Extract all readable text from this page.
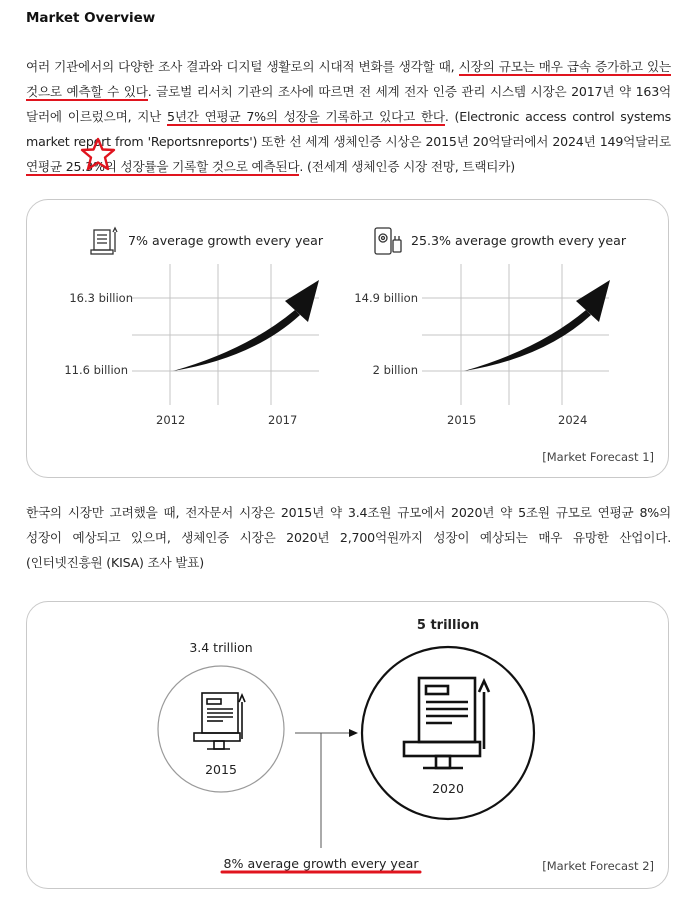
Market Overview
여러 기관에서의 다양한 조사 결과와 디지털 생활로의 시대적 변화를 생각할 때, 시장의 규모는 매우 급속 증가하고 있는 것으로 예측할 수 있다. 글로벌 리서치 기관의 조사에 따르면 전 세계 전자 인증 관리 시스템 시장은 2017년 약 163억 달러에 이르렀으며, 지난 5년간 연평균 7%의 성장을 기록하고 있다고 한다. (Electronic access control systems market report from 'Reportsnreports') 또한 선 세계 생체인증 시상은 2015년 20억달러에서 2024년 149억달러로 연평균 25.3%의 성장률을 기록할 것으로 예측된다. (전세계 생체인증 시장 전망, 트랙티카)
7% average growth every year
16.3 billion
11.6 billion
2012	2017
25.3% average growth every year
14.9 billion
2 billion
2015	2024
[Market Forecast 1]
한국의 시장만 고려했을 때, 전자문서 시장은 2015년 약 3.4조원 규모에서 2020년 약 5조원 규모로 연평균 8%의 성장이 예상되고 있으며, 생체인증 시장은 2020년 2,700억원까지 성장이 예상되는 매우 유망한 산업이다. (인터넷진흥원 (KISA) 조사 발표)
3.4 trillion
2015
5 trillion
2020
8% average growth every year	[Market Forecast 2]
